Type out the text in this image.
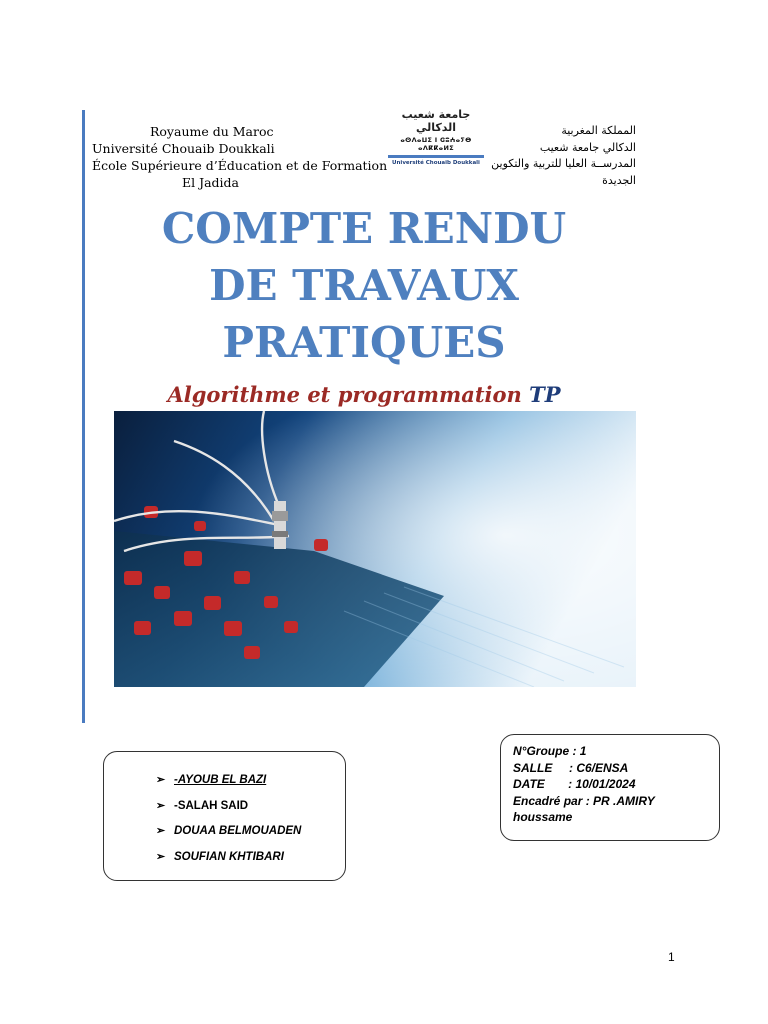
Royaume du Maroc
Université Chouaib Doukkali
École Supérieure d’Éducation et de Formation
El Jadida
جامعة شعيب الدكالي
ⴰⵙⴷⴰⵡⵉ ⵏ ⵛⵓⵄⴰⵢⴱ ⴰⴷⴽⴽⴰⵍⵉ
Université Chouaib Doukkali
المملكة المغربية
الدكالي جامعة شعيب
المدرســة العليا للتربية والتكوين
الجديدة
COMPTE RENDU
DE TRAVAUX
PRATIQUES
Algorithme et programmation TP
➢ -AYOUB EL BAZI
➢ -SALAH SAID
➢ DOUAA BELMOUADEN
➢ SOUFIAN KHTIBARI
N°Groupe : 1
SALLE     : C6/ENSA
DATE       : 10/01/2024
Encadré par : PR .AMIRY
houssame
1
